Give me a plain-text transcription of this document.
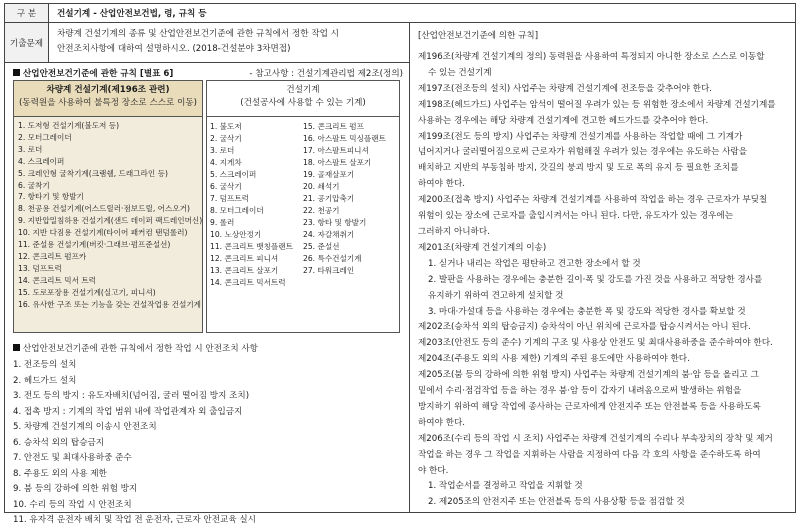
구 분	건설기계 - 산업안전보건법, 령, 규칙 등
기출문제
차량계 건설기계의 종류 및 산업안전보건기준에 관한 규칙에서 정한 작업 시
안전조치사항에 대하여 설명하시오. (2018-건설분야 3차면접)
산업안전보건기준에 관한 규칙 [별표 6]	- 참고사항 : 건설기계관리법 제2조(정의)
차량계 건설기계(제196조 관련)
(동력원을 사용하여 불특정 장소로 스스로 이동)
1. 도저형 건설기계(불도저 등)
2. 모터그레이더
3. 로더
4. 스크레이퍼
5. 크레인형 굴착기계(크램쉘, 드래그라인 등)
6. 굴착기
7. 항타기 및 항발기
8. 천공용 건설기계(어스드릴러·점보드릴, 어스오거)
9. 지반압밀침하용 건설기계(샌드 데이퍼 팩드레인머신)
10. 지반 다짐용 건설기계(타이어 패커컴 탠덤롤러)
11. 준설용 건설기계(버킷·그래브·펌프준설선)
12. 콘크리트 펌프카
13. 덤프트럭
14. 콘크리트 믹서 트럭
15. 도로포장용 건설기계(실고기, 피니셔)
16. 유사한 구조 또는 기능을 갖는 건설작업용 건설기계
건설기계
(건설공사에 사용할 수 있는 기계)
1. 불도저
2. 굴삭기
3. 로더
4. 지게차
5. 스크레이퍼
6. 굴삭기
7. 덤프트럭
8. 모터그레이더
9. 롤러
10. 노상안정기
11. 콘크리트 뱃칭플랜트
12. 콘크리트 피니셔
13. 콘크리트 살포기
14. 콘크리트 믹서트럭
15. 콘크리트 펌프
16. 아스팔트 믹싱플랜트
17. 아스팔트피니셔
18. 아스팔트 살포기
19. 골재살포기
20. 쇄석기
21. 공기압축기
22. 천공기
23. 항타 및 항발기
24. 자갈채취기
25. 준설선
26. 특수건설기계
27. 타워크레인
산업안전보건기준에 관한 규칙에서 정한 작업 시 안전조치 사항
1. 전조등의 설치
2. 헤드가드 설치
3. 전도 등의 방지 : 유도자배치(넘어짐, 굴러 떨어짐 방지 조치)
4. 접촉 방지 : 기계의 작업 범위 내에 작업관계자 외 출입금지
5. 차량계 건설기계의 이송시 안전조치
6. 승차석 외의 탑승금지
7. 안전도 및 최대사용하중 준수
8. 주용도 외의 사용 제한
9. 붐 등의 강하에 의한 위험 방지
10. 수리 등의 작업 시 안전조치
11. 유자격 운전자 배치 및 작업 전 운전자, 근로자 안전교육 실시
[산업안전보건기준에 의한 규칙]
제196조(차량계 건설기계의 정의) 동력원을 사용하여 특정되지 아니한 장소로 스스로 이동할
수 있는 건설기계
제197조(전조등의 설치) 사업주는 차량계 건설기계에 전조등을 갖추어야 한다.
제198조(헤드가드) 사업주는 암석이 떨어질 우려가 있는 등 위험한 장소에서 차량계 건설기계를
사용하는 경우에는 해당 차량계 건설기계에 견고한 헤드가드를 갖추어야 한다.
제199조(전도 등의 방지) 사업주는 차량계 건설기계를 사용하는 작업할 때에 그 기계가
넘어지거나 굴러떨어짐으로써 근로자가 위험해질 우려가 있는 경우에는 유도하는 사람을
배치하고 지반의 부동침하 방지, 갓길의 붕괴 방지 및 도로 폭의 유지 등 필요한 조치를
하여야 한다.
제200조(접촉 방지) 사업주는 차량계 건설기계를 사용하여 작업을 하는 경우 근로자가 부딪칠
위험이 있는 장소에 근로자를 출입시켜서는 아니 된다. 다만, 유도자가 있는 경우에는
그러하지 아니하다.
제201조(차량계 건설기계의 이송)
1. 싣거나 내리는 작업은 평탄하고 견고한 장소에서 할 것
2. 발판을 사용하는 경우에는 충분한 길이·폭 및 강도를 가진 것을 사용하고 적당한 경사를
유지하기 위하여 견고하게 설치할 것
3. 마대·가설대 등을 사용하는 경우에는 충분한 폭 및 강도와 적당한 경사를 확보할 것
제202조(승차석 외의 탑승금지) 승차석이 아닌 위치에 근로자를 탑승시켜서는 아니 된다.
제203조(안전도 등의 준수) 기계의 구조 및 사용상 안전도 및 최대사용하중을 준수하여야 한다.
제204조(주용도 외의 사용 제한) 기계의 주된 용도에만 사용하여야 한다.
제205조(붐 등의 강하에 의한 위험 방지) 사업주는 차량계 건설기계의 붐·암 등을 올리고 그
밑에서 수리·점검작업 등을 하는 경우 붐·암 등이 갑자기 내려옴으로써 발생하는 위험을
방지하기 위하여 해당 작업에 종사하는 근로자에게 안전지주 또는 안전블록 등을 사용하도록
하여야 한다.
제206조(수리 등의 작업 시 조치) 사업주는 차량계 건설기계의 수리나 부속장치의 장착 및 제거
작업을 하는 경우 그 작업을 지휘하는 사람을 지정하여 다음 각 호의 사항을 준수하도록 하여
야 한다.
1. 작업순서를 결정하고 작업을 지휘할 것
2. 제205조의 안전지주 또는 안전블록 등의 사용상황 등을 점검할 것
